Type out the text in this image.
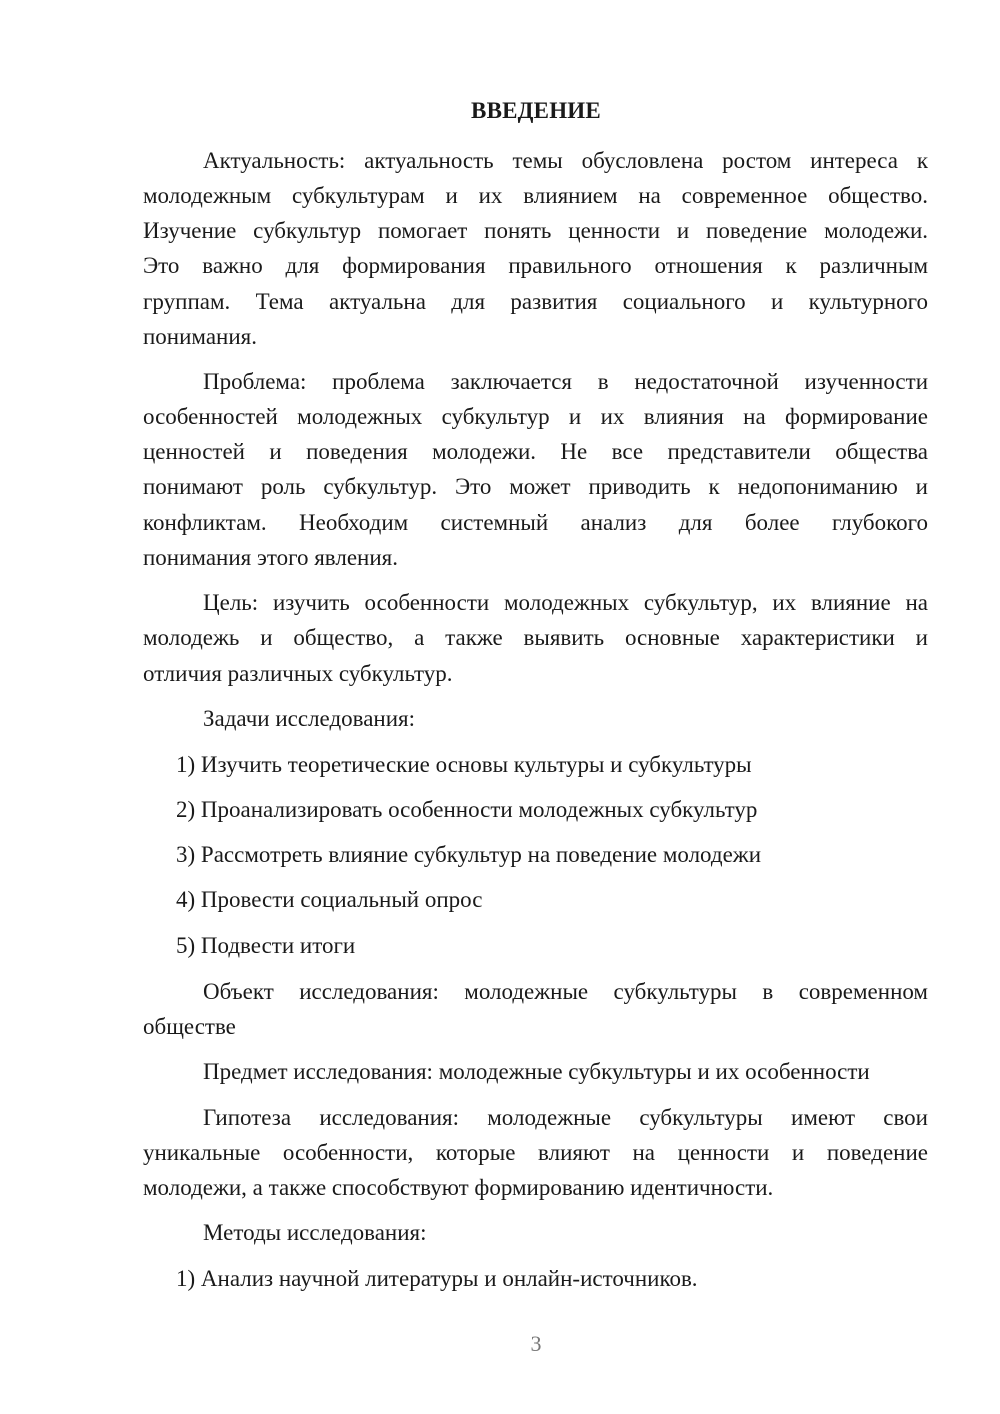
ВВЕДЕНИЕ
Актуальность: актуальность темы обусловлена ростом интереса к
молодежным субкультурам и их влиянием на современное общество.
Изучение субкультур помогает понять ценности и поведение молодежи.
Это важно для формирования правильного отношения к различным
группам. Тема актуальна для развития социального и культурного
понимания.
Проблема: проблема заключается в недостаточной изученности
особенностей молодежных субкультур и их влияния на формирование
ценностей и поведения молодежи. Не все представители общества
понимают роль субкультур. Это может приводить к недопониманию и
конфликтам. Необходим системный анализ для более глубокого
понимания этого явления.
Цель: изучить особенности молодежных субкультур, их влияние на
молодежь и общество, а также выявить основные характеристики и
отличия различных субкультур.
Задачи исследования:
1) Изучить теоретические основы культуры и субкультуры
2) Проанализировать особенности молодежных субкультур
3) Рассмотреть влияние субкультур на поведение молодежи
4) Провести социальный опрос
5) Подвести итоги
Объект исследования: молодежные субкультуры в современном
обществе
Предмет исследования: молодежные субкультуры и их особенности
Гипотеза исследования: молодежные субкультуры имеют свои
уникальные особенности, которые влияют на ценности и поведение
молодежи, а также способствуют формированию идентичности.
Методы исследования:
1) Анализ научной литературы и онлайн-источников.
3
